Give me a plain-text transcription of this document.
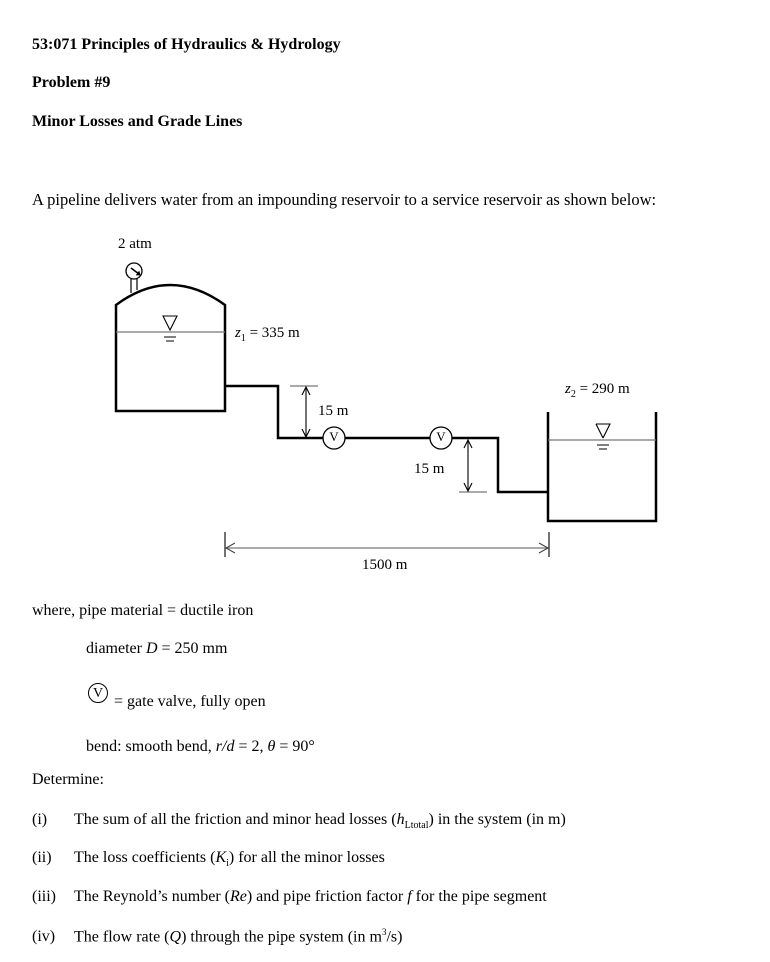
53:071 Principles of Hydraulics & Hydrology
Problem #9
Minor Losses and Grade Lines
A pipeline delivers water from an impounding reservoir to a service reservoir as shown below:
2 atm
$z_1 = 335$ m
$z_2 = 290$ m
15 m
15 m
1500 m
V	V
where, pipe material = ductile iron
diameter D = 250 mm
V = gate valve, fully open
bend: smooth bend, r/d = 2, θ = 90°
Determine:
(i) The sum of all the friction and minor head losses $(h_{Ltotal})$ in the system (in m)
(ii) The loss coefficients $(K_i)$ for all the minor losses
(iii) The Reynold’s number (Re) and pipe friction factor f for the pipe segment
(iv) The flow rate (Q) through the pipe system (in $m^3/s$)
